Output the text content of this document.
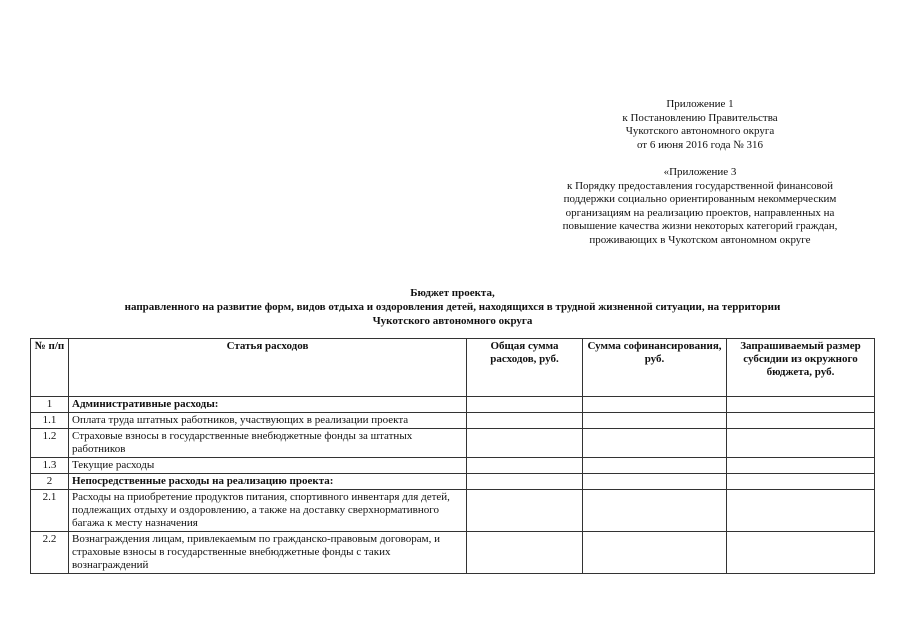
Приложение 1
к Постановлению Правительства
Чукотского автономного округа
от 6 июня 2016 года № 316
«Приложение 3
к Порядку предоставления государственной финансовой
поддержки социально ориентированным некоммерческим
организациям на реализацию проектов, направленных на
повышение качества жизни некоторых категорий граждан,
проживающих в Чукотском автономном округе
Бюджет проекта,
направленного на развитие форм, видов отдыха и оздоровления детей, находящихся в трудной жизненной ситуации, на территории
Чукотского автономного округа
№ п/п	Статья расходов	Общая сумма расходов, руб.	Сумма софинансирования, руб.	Запрашиваемый размер субсидии из окружного бюджета, руб.
1	Административные расходы:			
1.1	Оплата труда штатных работников, участвующих в реализации проекта			
1.2	Страховые взносы в государственные внебюджетные фонды за штатных работников			
1.3	Текущие расходы			
2	Непосредственные расходы на реализацию проекта:			
2.1	Расходы на приобретение продуктов питания, спортивного инвентаря для детей, подлежащих отдыху и оздоровлению, а также на доставку сверхнормативного багажа к месту назначения			
2.2	Вознаграждения лицам, привлекаемым по гражданско-правовым договорам, и страховые взносы в государственные внебюджетные фонды с таких вознаграждений			
